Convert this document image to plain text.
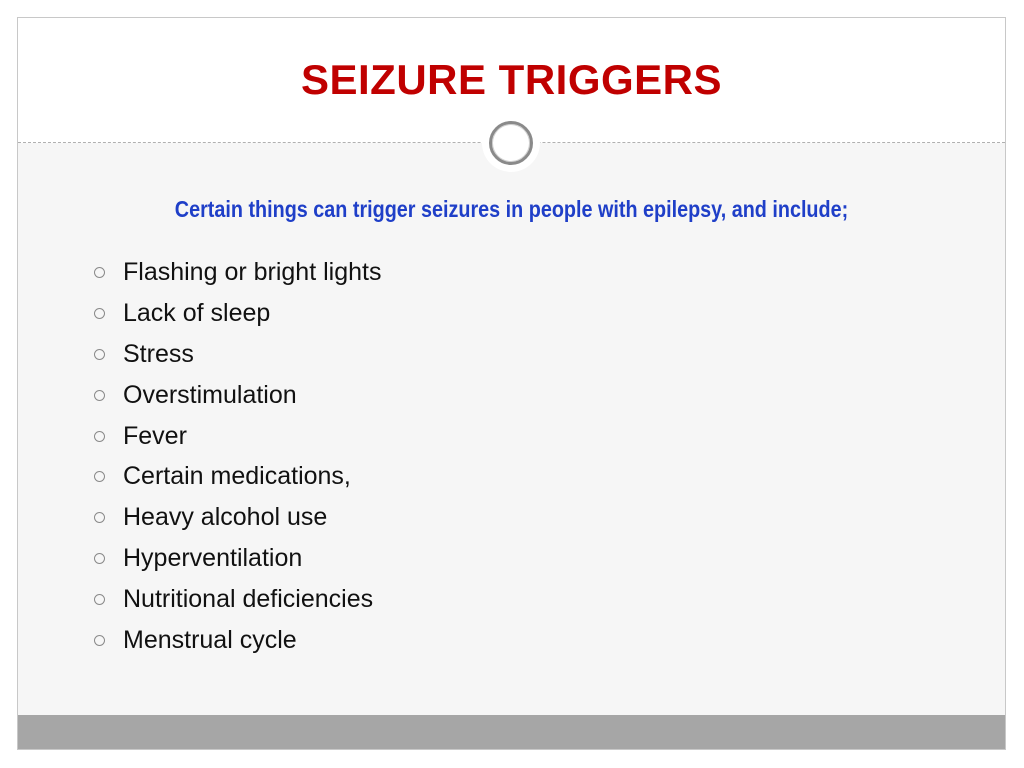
SEIZURE TRIGGERS
Certain things can trigger seizures in people with epilepsy, and include;
Flashing or bright lights
Lack of sleep
Stress
Overstimulation
Fever
Certain medications,
Heavy alcohol use
Hyperventilation
Nutritional deficiencies
Menstrual cycle
